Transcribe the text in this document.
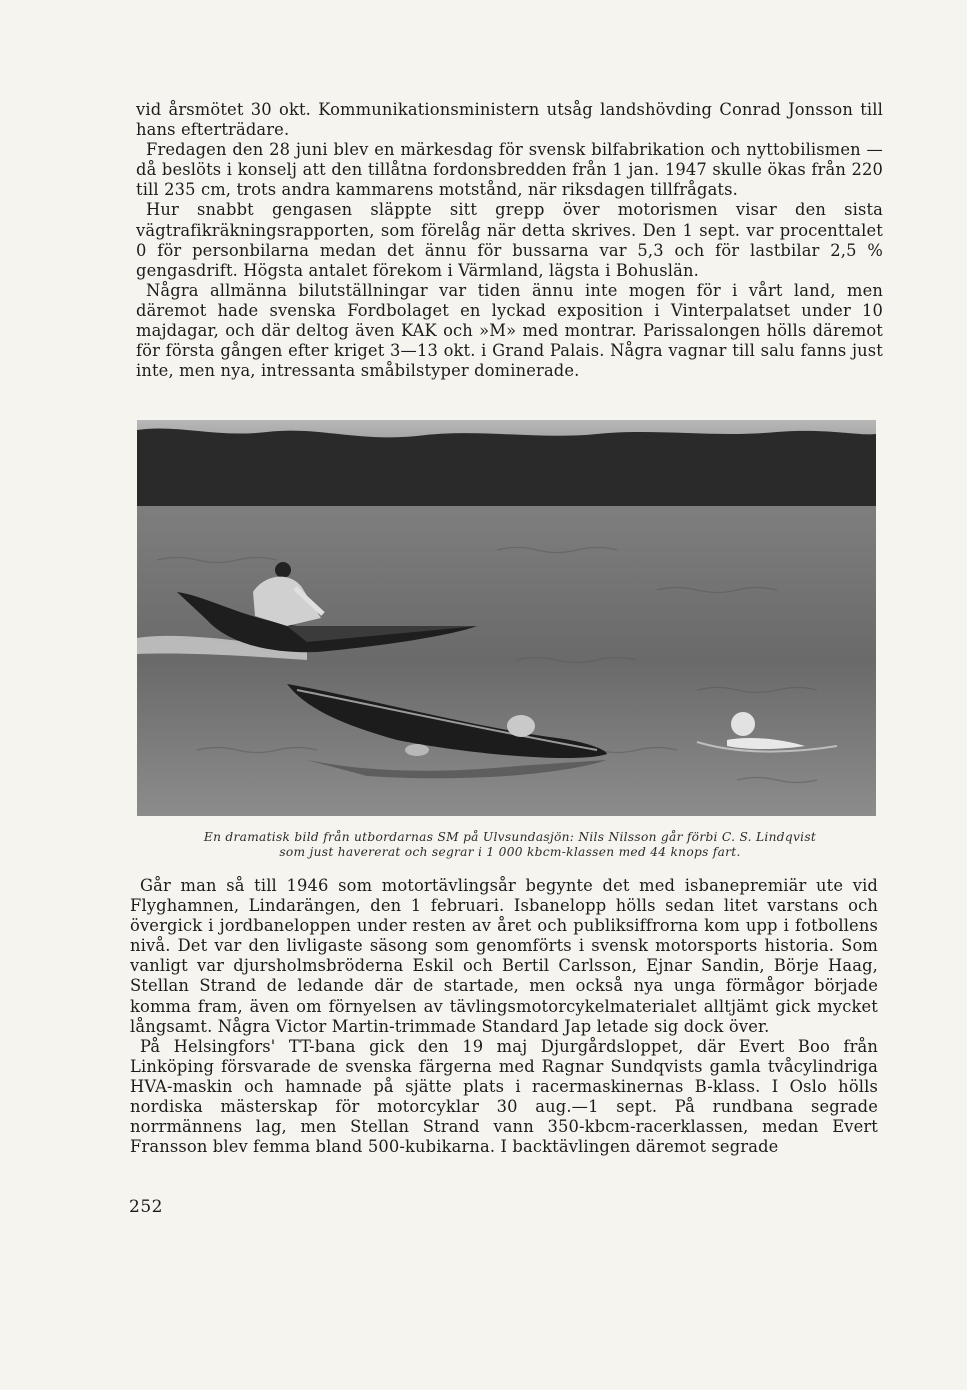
vid årsmötet 30 okt. Kommunikationsministern utsåg landshövding Conrad Jonsson till hans efterträdare.

Fredagen den 28 juni blev en märkesdag för svensk bilfabrikation och nyttobilismen — då beslöts i konselj att den tillåtna fordonsbredden från 1 jan. 1947 skulle ökas från 220 till 235 cm, trots andra kammarens motstånd, när riksdagen tillfrågats.

Hur snabbt gengasen släppte sitt grepp över motorismen visar den sista vägtrafikräkningsrapporten, som förelåg när detta skrives. Den 1 sept. var procenttalet 0 för personbilarna medan det ännu för bussarna var 5,3 och för lastbilar 2,5 % gengasdrift. Högsta antalet förekom i Värmland, lägsta i Bohuslän.

Några allmänna bilutställningar var tiden ännu inte mogen för i vårt land, men däremot hade svenska Fordbolaget en lyckad exposition i Vinterpalatset under 10 majdagar, och där deltog även KAK och »M» med montrar. Parissalongen hölls däremot för första gången efter kriget 3—13 okt. i Grand Palais. Några vagnar till salu fanns just inte, men nya, intressanta småbilstyper dominerade.

En dramatisk bild från utbordarnas SM på Ulvsundasjön: Nils Nilsson går förbi C. S. Lindqvist

som just havererat och segrar i 1 000 kbcm-klassen med 44 knops fart.

Går man så till 1946 som motortävlingsår begynte det med isbanepremiär ute vid Flyghamnen, Lindarängen, den 1 februari. Isbanelopp hölls sedan litet varstans och övergick i jordbaneloppen under resten av året och publiksiffrorna kom upp i fotbollens nivå. Det var den livligaste säsong som genomförts i svensk motorsports historia. Som vanligt var djursholmsbröderna Eskil och Bertil Carlsson, Ejnar Sandin, Börje Haag, Stellan Strand de ledande där de startade, men också nya unga förmågor började komma fram, även om förnyelsen av tävlingsmotorcykelmaterialet alltjämt gick mycket långsamt. Några Victor Martin-trimmade Standard Jap letade sig dock över.

På Helsingfors' TT-bana gick den 19 maj Djurgårdsloppet, där Evert Boo från Linköping försvarade de svenska färgerna med Ragnar Sundqvists gamla tvåcylindriga HVA-maskin och hamnade på sjätte plats i racermaskinernas B-klass. I Oslo hölls nordiska mästerskap för motorcyklar 30 aug.—1 sept. På rundbana segrade norrmännens lag, men Stellan Strand vann 350-kbcm-racerklassen, medan Evert Fransson blev femma bland 500-kubikarna. I backtävlingen däremot segrade

252
